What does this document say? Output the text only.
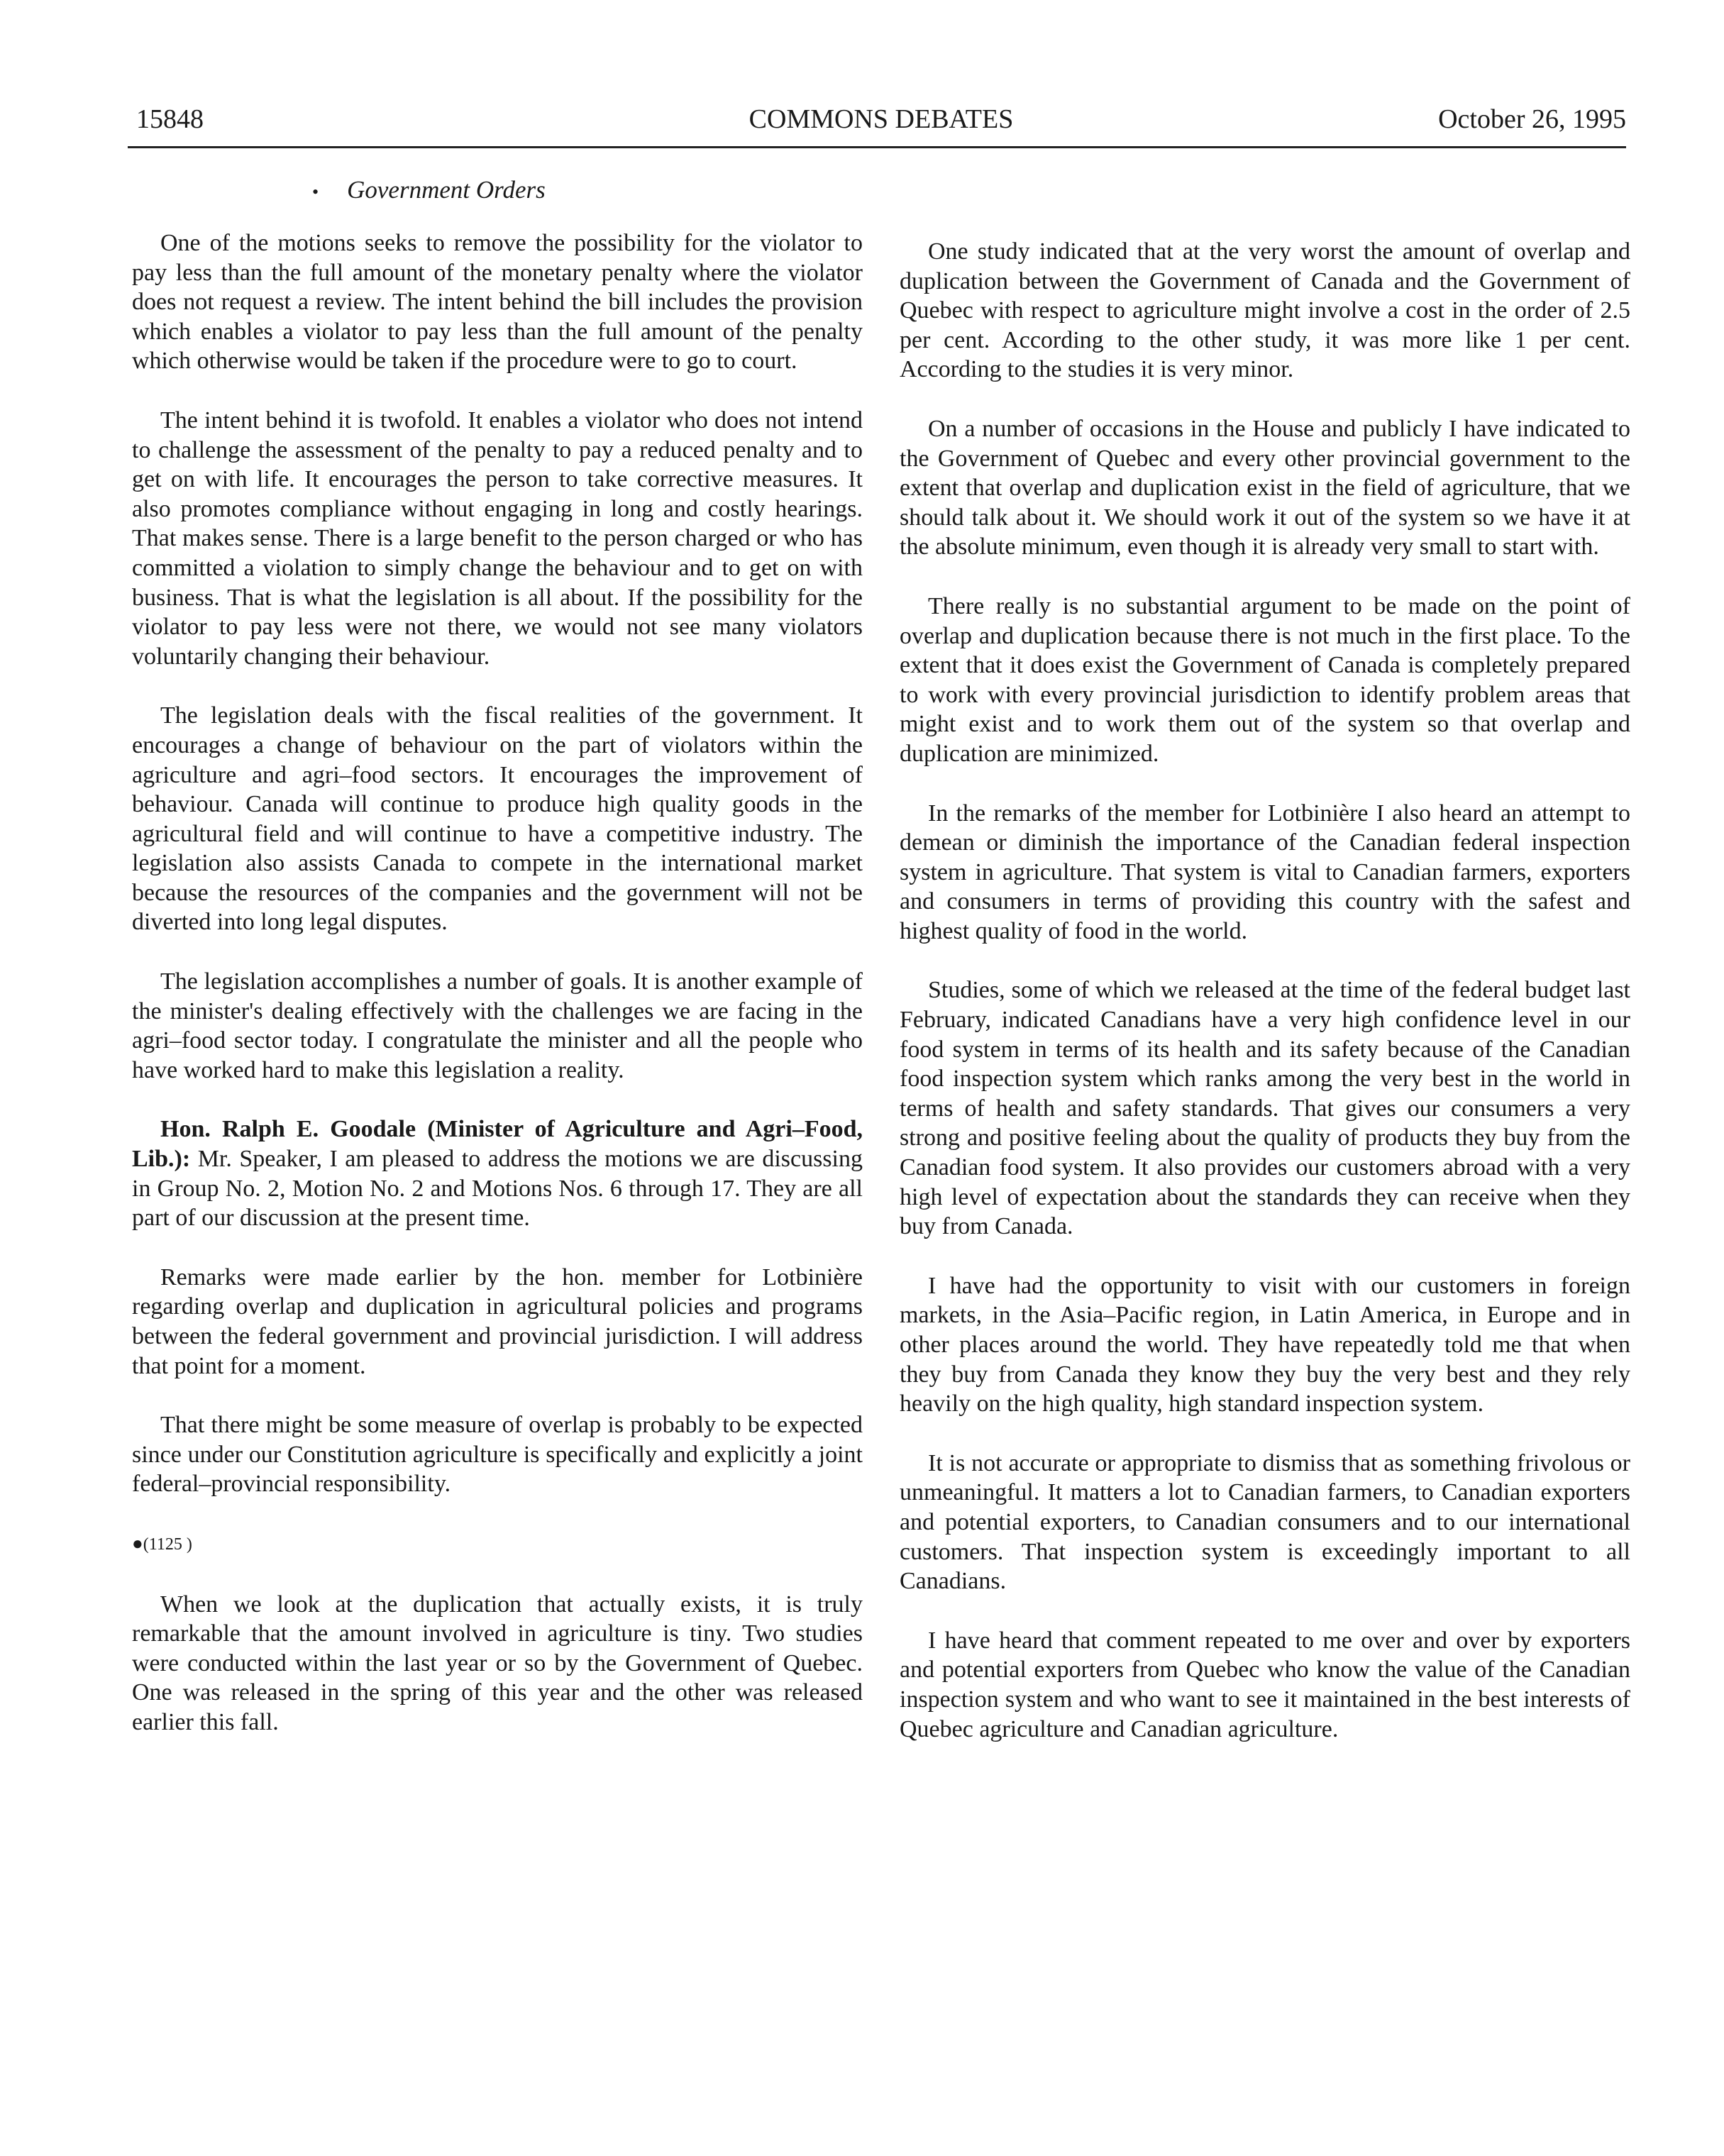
15848	COMMONS DEBATES	October 26, 1995
• Government Orders

One of the motions seeks to remove the possibility for the violator to pay less than the full amount of the monetary penalty where the violator does not request a review. The intent behind the bill includes the provision which enables a violator to pay less than the full amount of the penalty which otherwise would be taken if the procedure were to go to court.

The intent behind it is twofold. It enables a violator who does not intend to challenge the assessment of the penalty to pay a reduced penalty and to get on with life. It encourages the person to take corrective measures. It also promotes compliance without engaging in long and costly hearings. That makes sense. There is a large benefit to the person charged or who has committed a violation to simply change the behaviour and to get on with business. That is what the legislation is all about. If the possibility for the violator to pay less were not there, we would not see many violators voluntarily changing their behaviour.

The legislation deals with the fiscal realities of the government. It encourages a change of behaviour on the part of violators within the agriculture and agri–food sectors. It encourages the improvement of behaviour. Canada will continue to produce high quality goods in the agricultural field and will continue to have a competitive industry. The legislation also assists Canada to compete in the international market because the resources of the companies and the government will not be diverted into long legal disputes.

The legislation accomplishes a number of goals. It is another example of the minister's dealing effectively with the challenges we are facing in the agri–food sector today. I congratulate the minister and all the people who have worked hard to make this legislation a reality.

Hon. Ralph E. Goodale (Minister of Agriculture and Agri–Food, Lib.): Mr. Speaker, I am pleased to address the motions we are discussing in Group No. 2, Motion No. 2 and Motions Nos. 6 through 17. They are all part of our discussion at the present time.

Remarks were made earlier by the hon. member for Lotbinière regarding overlap and duplication in agricultural policies and programs between the federal government and provincial jurisdiction. I will address that point for a moment.

That there might be some measure of overlap is probably to be expected since under our Constitution agriculture is specifically and explicitly a joint federal–provincial responsibility.

●(1125 )

When we look at the duplication that actually exists, it is truly remarkable that the amount involved in agriculture is tiny. Two studies were conducted within the last year or so by the Government of Quebec. One was released in the spring of this year and the other was released earlier this fall.

One study indicated that at the very worst the amount of overlap and duplication between the Government of Canada and the Government of Quebec with respect to agriculture might involve a cost in the order of 2.5 per cent. According to the other study, it was more like 1 per cent. According to the studies it is very minor.

On a number of occasions in the House and publicly I have indicated to the Government of Quebec and every other provincial government to the extent that overlap and duplication exist in the field of agriculture, that we should talk about it. We should work it out of the system so we have it at the absolute minimum, even though it is already very small to start with.

There really is no substantial argument to be made on the point of overlap and duplication because there is not much in the first place. To the extent that it does exist the Government of Canada is completely prepared to work with every provincial jurisdiction to identify problem areas that might exist and to work them out of the system so that overlap and duplication are minimized.

In the remarks of the member for Lotbinière I also heard an attempt to demean or diminish the importance of the Canadian federal inspection system in agriculture. That system is vital to Canadian farmers, exporters and consumers in terms of providing this country with the safest and highest quality of food in the world.

Studies, some of which we released at the time of the federal budget last February, indicated Canadians have a very high confidence level in our food system in terms of its health and its safety because of the Canadian food inspection system which ranks among the very best in the world in terms of health and safety standards. That gives our consumers a very strong and positive feeling about the quality of products they buy from the Canadian food system. It also provides our customers abroad with a very high level of expectation about the standards they can receive when they buy from Canada.

I have had the opportunity to visit with our customers in foreign markets, in the Asia–Pacific region, in Latin America, in Europe and in other places around the world. They have repeatedly told me that when they buy from Canada they know they buy the very best and they rely heavily on the high quality, high standard inspection system.

It is not accurate or appropriate to dismiss that as something frivolous or unmeaningful. It matters a lot to Canadian farmers, to Canadian exporters and potential exporters, to Canadian consumers and to our international customers. That inspection system is exceedingly important to all Canadians.

I have heard that comment repeated to me over and over by exporters and potential exporters from Quebec who know the value of the Canadian inspection system and who want to see it maintained in the best interests of Quebec agriculture and Canadian agriculture.
